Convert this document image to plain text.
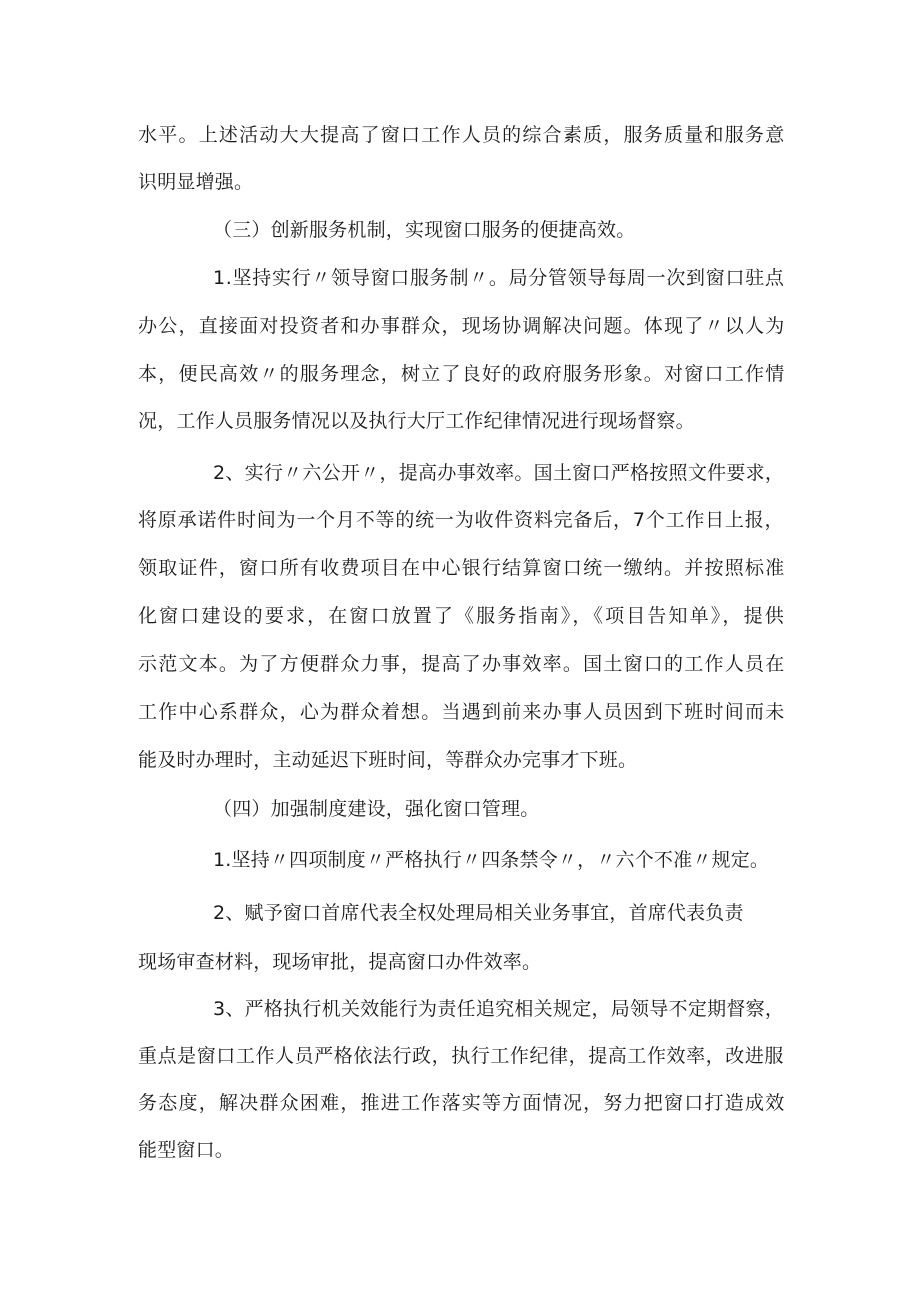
水平。上述活动大大提高了窗口工作人员的综合素质，服务质量和服务意
识明显增强。
（三）创新服务机制，实现窗口服务的便捷高效。
1.坚持实行〃领导窗口服务制〃。局分管领导每周一次到窗口驻点
办公，直接面对投资者和办事群众，现场协调解决问题。体现了〃以人为
本，便民高效〃的服务理念，树立了良好的政府服务形象。对窗口工作情
况，工作人员服务情况以及执行大厅工作纪律情况进行现场督察。
2、实行〃六公开〃，提高办事效率。国土窗口严格按照文件要求，
将原承诺件时间为一个月不等的统一为收件资料完备后，7个工作日上报，
领取证件，窗口所有收费项目在中心银行结算窗口统一缴纳。并按照标准
化窗口建设的要求，在窗口放置了《服务指南》，《项目告知单》，提供
示范文本。为了方便群众力事，提高了办事效率。国土窗口的工作人员在
工作中心系群众，心为群众着想。当遇到前来办事人员因到下班时间而未
能及时办理时，主动延迟下班时间，等群众办完事才下班。
（四）加强制度建设，强化窗口管理。
1.坚持〃四项制度〃严格执行〃四条禁令〃，〃六个不准〃规定。
2、赋予窗口首席代表全权处理局相关业务事宜，首席代表负责
现场审查材料，现场审批，提高窗口办件效率。
3、严格执行机关效能行为责任追究相关规定，局领导不定期督察，
重点是窗口工作人员严格依法行政，执行工作纪律，提高工作效率，改进服
务态度，解决群众困难，推进工作落实等方面情况，努力把窗口打造成效
能型窗口。
